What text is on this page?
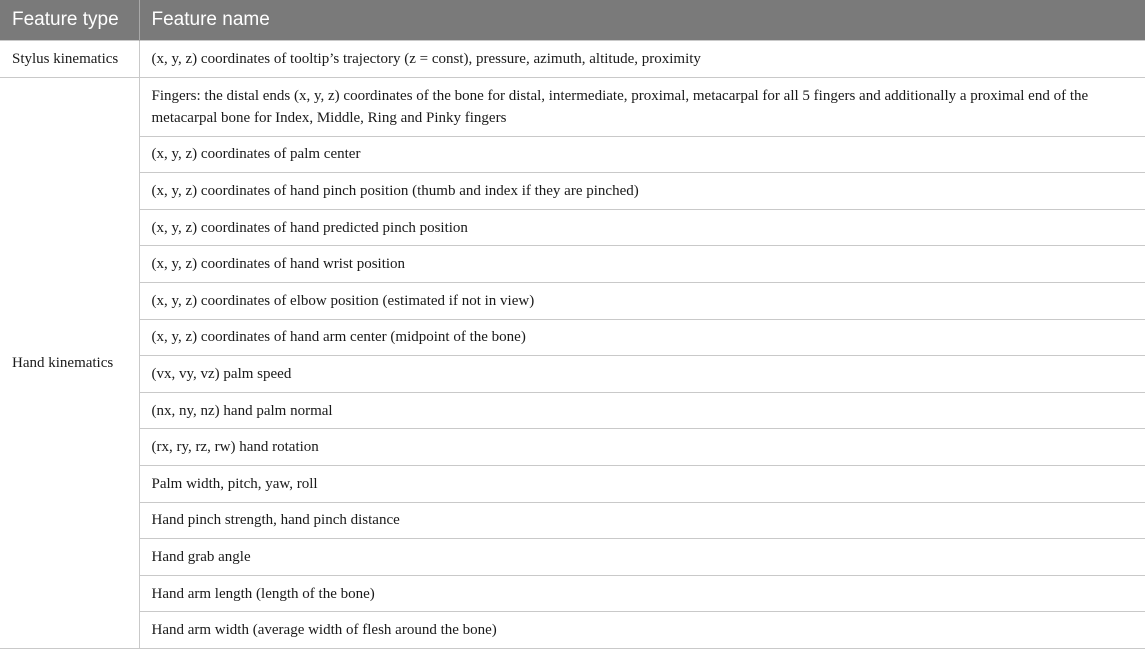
Feature type	Feature name
Stylus kinematics	(x, y, z) coordinates of tooltip’s trajectory (z = const), pressure, azimuth, altitude, proximity
Hand kinematics	Fingers: the distal ends (x, y, z) coordinates of the bone for distal, intermediate, proximal, metacarpal for all 5 fingers and additionally a proximal end of the metacarpal bone for Index, Middle, Ring and Pinky fingers
	(x, y, z) coordinates of palm center
	(x, y, z) coordinates of hand pinch position (thumb and index if they are pinched)
	(x, y, z) coordinates of hand predicted pinch position
	(x, y, z) coordinates of hand wrist position
	(x, y, z) coordinates of elbow position (estimated if not in view)
	(x, y, z) coordinates of hand arm center (midpoint of the bone)
	(vx, vy, vz) palm speed
	(nx, ny, nz) hand palm normal
	(rx, ry, rz, rw) hand rotation
	Palm width, pitch, yaw, roll
	Hand pinch strength, hand pinch distance
	Hand grab angle
	Hand arm length (length of the bone)
	Hand arm width (average width of flesh around the bone)
